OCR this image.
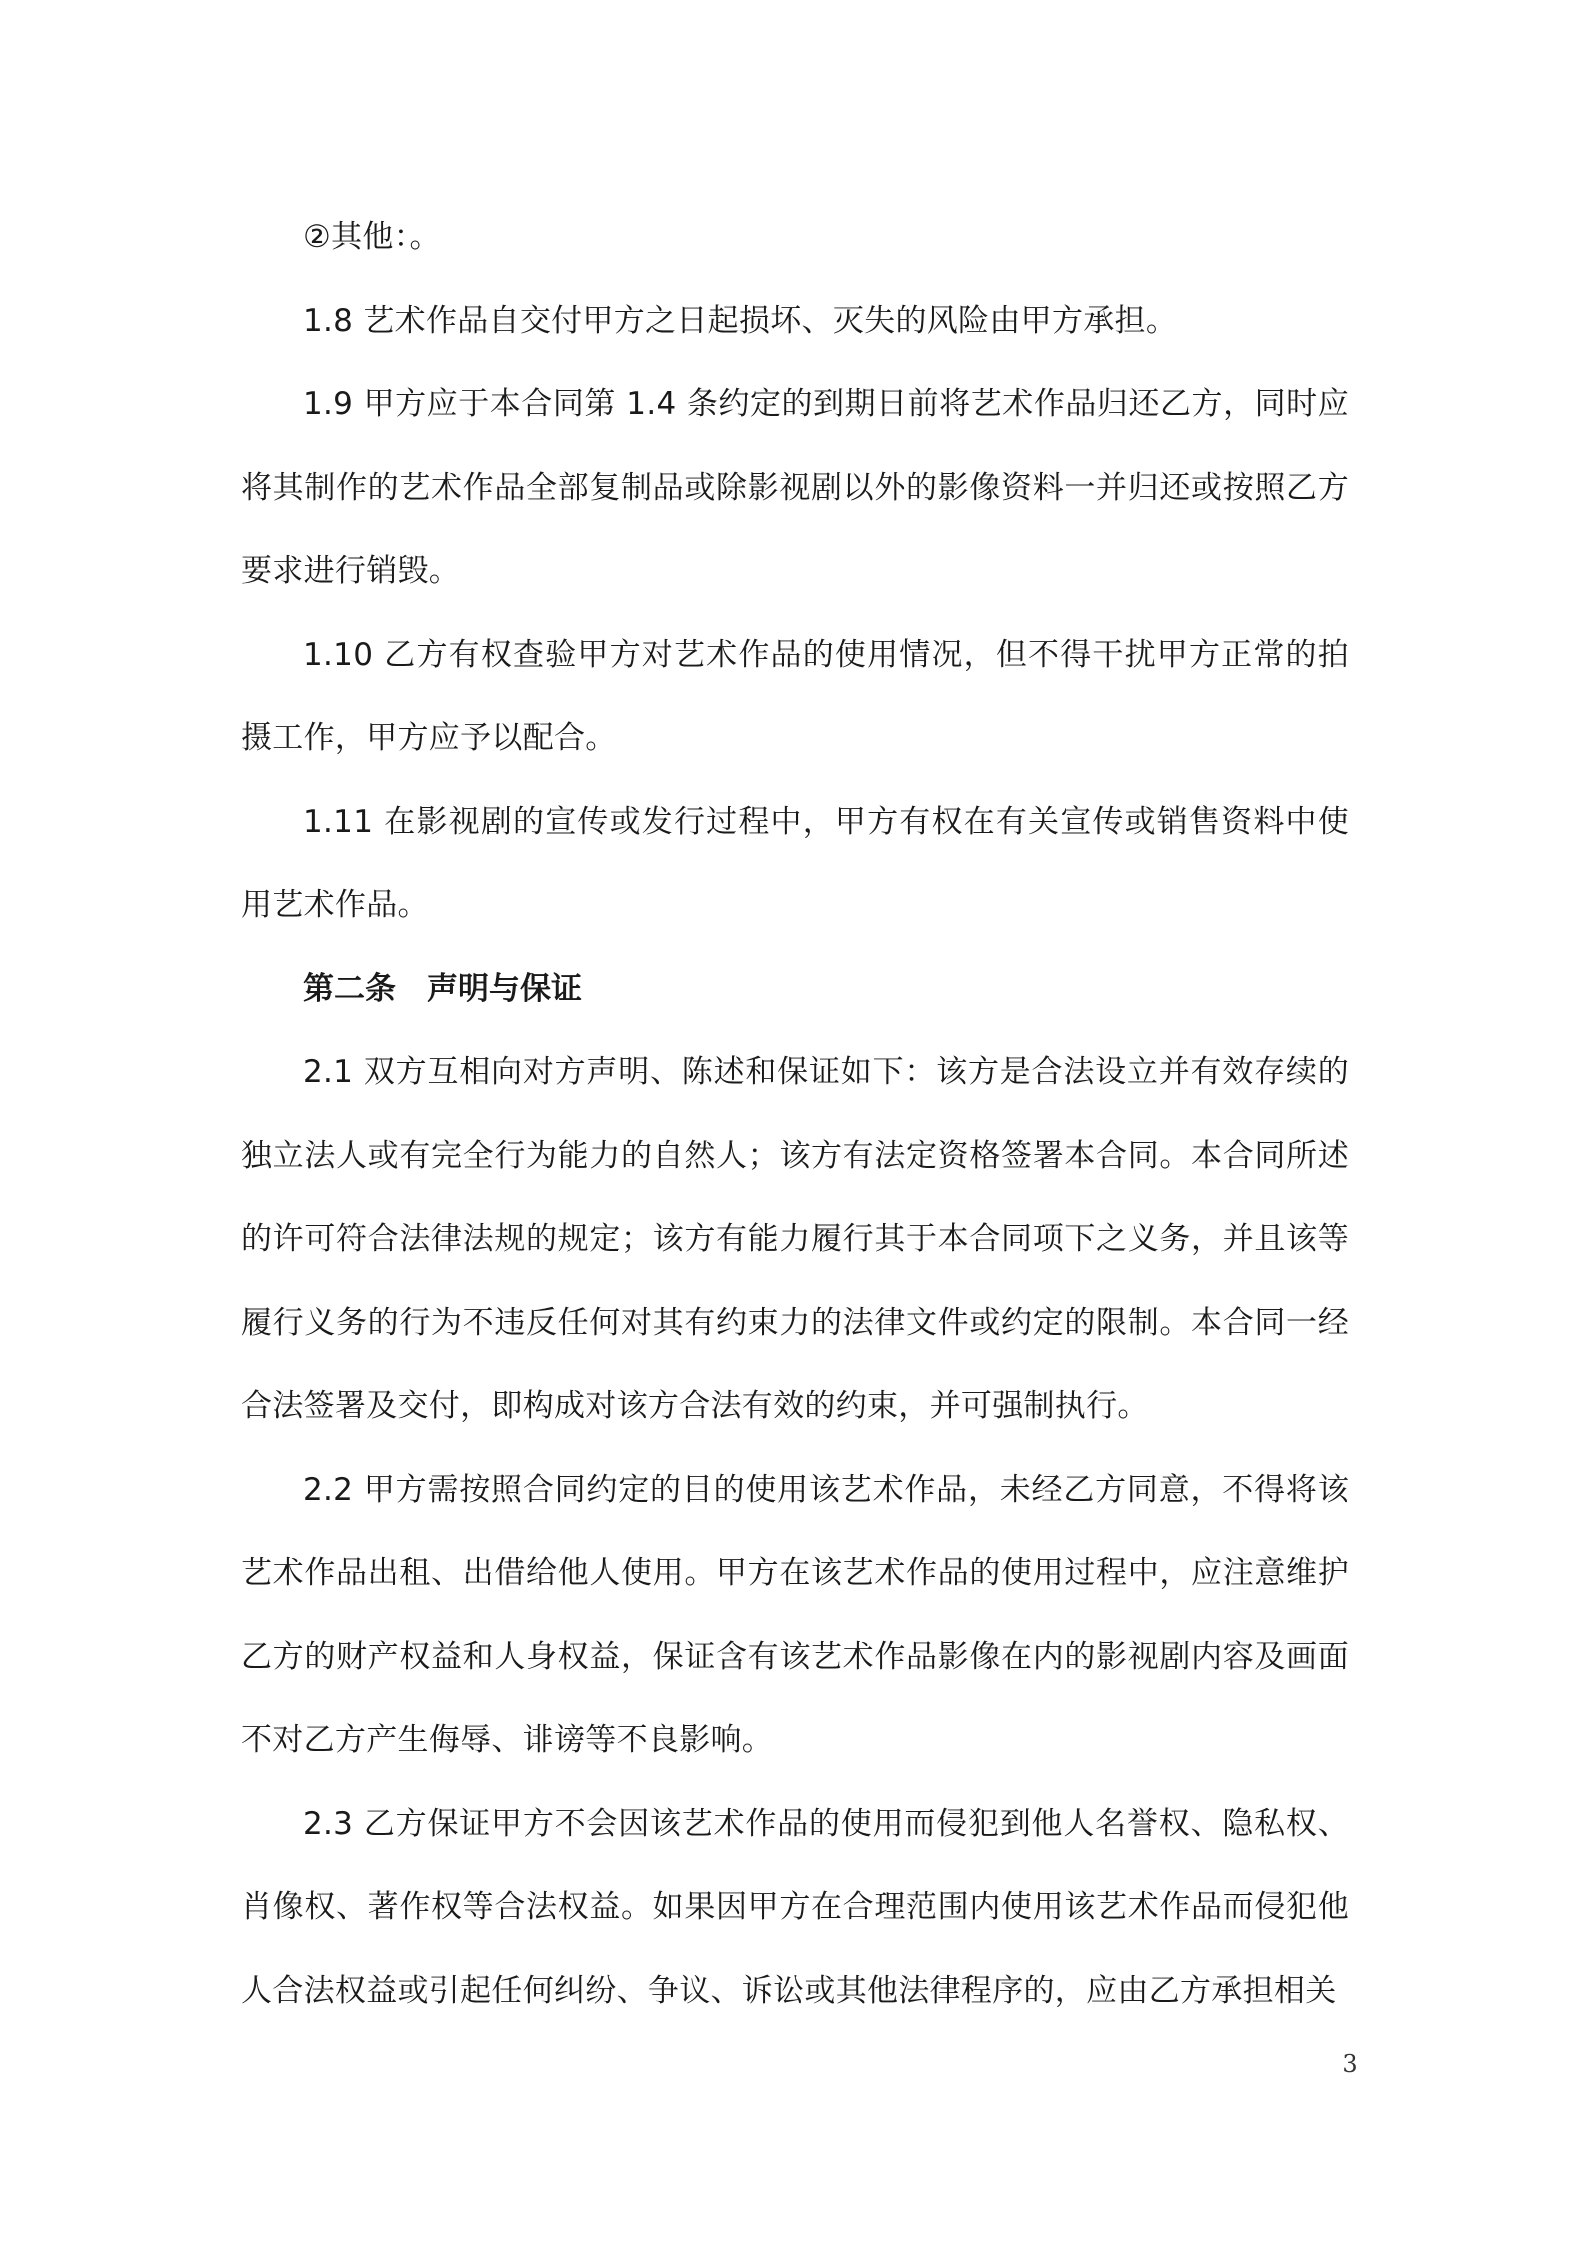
②其他：。

1.8 艺术作品自交付甲方之日起损坏、灭失的风险由甲方承担。

1.9 甲方应于本合同第 1.4 条约定的到期日前将艺术作品归还乙方，同时应将其制作的艺术作品全部复制品或除影视剧以外的影像资料一并归还或按照乙方要求进行销毁。

1.10 乙方有权查验甲方对艺术作品的使用情况，但不得干扰甲方正常的拍摄工作，甲方应予以配合。

1.11 在影视剧的宣传或发行过程中，甲方有权在有关宣传或销售资料中使用艺术作品。

第二条　声明与保证

2.1 双方互相向对方声明、陈述和保证如下：该方是合法设立并有效存续的独立法人或有完全行为能力的自然人；该方有法定资格签署本合同。本合同所述的许可符合法律法规的规定；该方有能力履行其于本合同项下之义务，并且该等履行义务的行为不违反任何对其有约束力的法律文件或约定的限制。本合同一经合法签署及交付，即构成对该方合法有效的约束，并可强制执行。

2.2 甲方需按照合同约定的目的使用该艺术作品，未经乙方同意，不得将该艺术作品出租、出借给他人使用。甲方在该艺术作品的使用过程中，应注意维护乙方的财产权益和人身权益，保证含有该艺术作品影像在内的影视剧内容及画面不对乙方产生侮辱、诽谤等不良影响。

2.3 乙方保证甲方不会因该艺术作品的使用而侵犯到他人名誉权、隐私权、肖像权、著作权等合法权益。如果因甲方在合理范围内使用该艺术作品而侵犯他人合法权益或引起任何纠纷、争议、诉讼或其他法律程序的，应由乙方承担相关

3
